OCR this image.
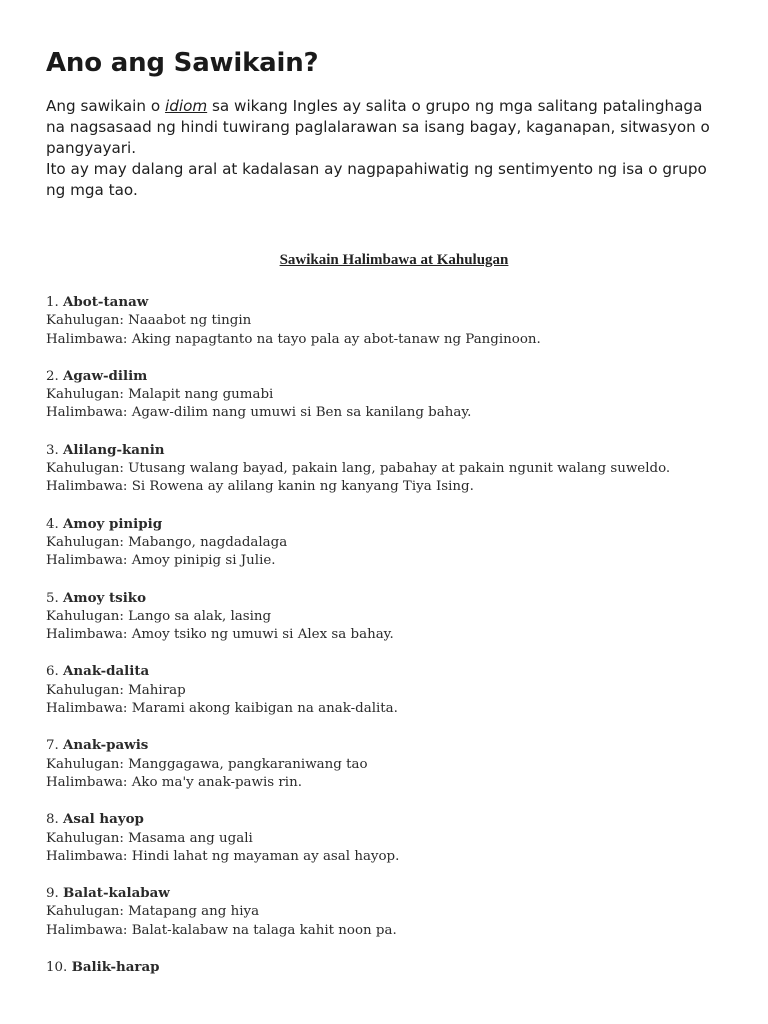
Ano ang Sawikain?

Ang sawikain o idiom sa wikang Ingles ay salita o grupo ng mga salitang patalinghaga na nagsasaad ng hindi tuwirang paglalarawan sa isang bagay, kaganapan, sitwasyon o pangyayari.

Ito ay may dalang aral at kadalasan ay nagpapahiwatig ng sentimyento ng isa o grupo ng mga tao.

Sawikain Halimbawa at Kahulugan
1. Abot-tanaw
Kahulugan: Naaabot ng tingin
Halimbawa: Aking napagtanto na tayo pala ay abot-tanaw ng Panginoon.
2. Agaw-dilim
Kahulugan: Malapit nang gumabi
Halimbawa: Agaw-dilim nang umuwi si Ben sa kanilang bahay.
3. Alilang-kanin
Kahulugan: Utusang walang bayad, pakain lang, pabahay at pakain ngunit walang suweldo.
Halimbawa: Si Rowena ay alilang kanin ng kanyang Tiya Ising.
4. Amoy pinipig
Kahulugan: Mabango, nagdadalaga
Halimbawa: Amoy pinipig si Julie.
5. Amoy tsiko
Kahulugan: Lango sa alak, lasing
Halimbawa: Amoy tsiko ng umuwi si Alex sa bahay.
6. Anak-dalita
Kahulugan: Mahirap
Halimbawa: Marami akong kaibigan na anak-dalita.
7. Anak-pawis
Kahulugan: Manggagawa, pangkaraniwang tao
Halimbawa: Ako ma'y anak-pawis rin.
8. Asal hayop
Kahulugan: Masama ang ugali
Halimbawa: Hindi lahat ng mayaman ay asal hayop.
9. Balat-kalabaw
Kahulugan: Matapang ang hiya
Halimbawa: Balat-kalabaw na talaga kahit noon pa.
10. Balik-harap
